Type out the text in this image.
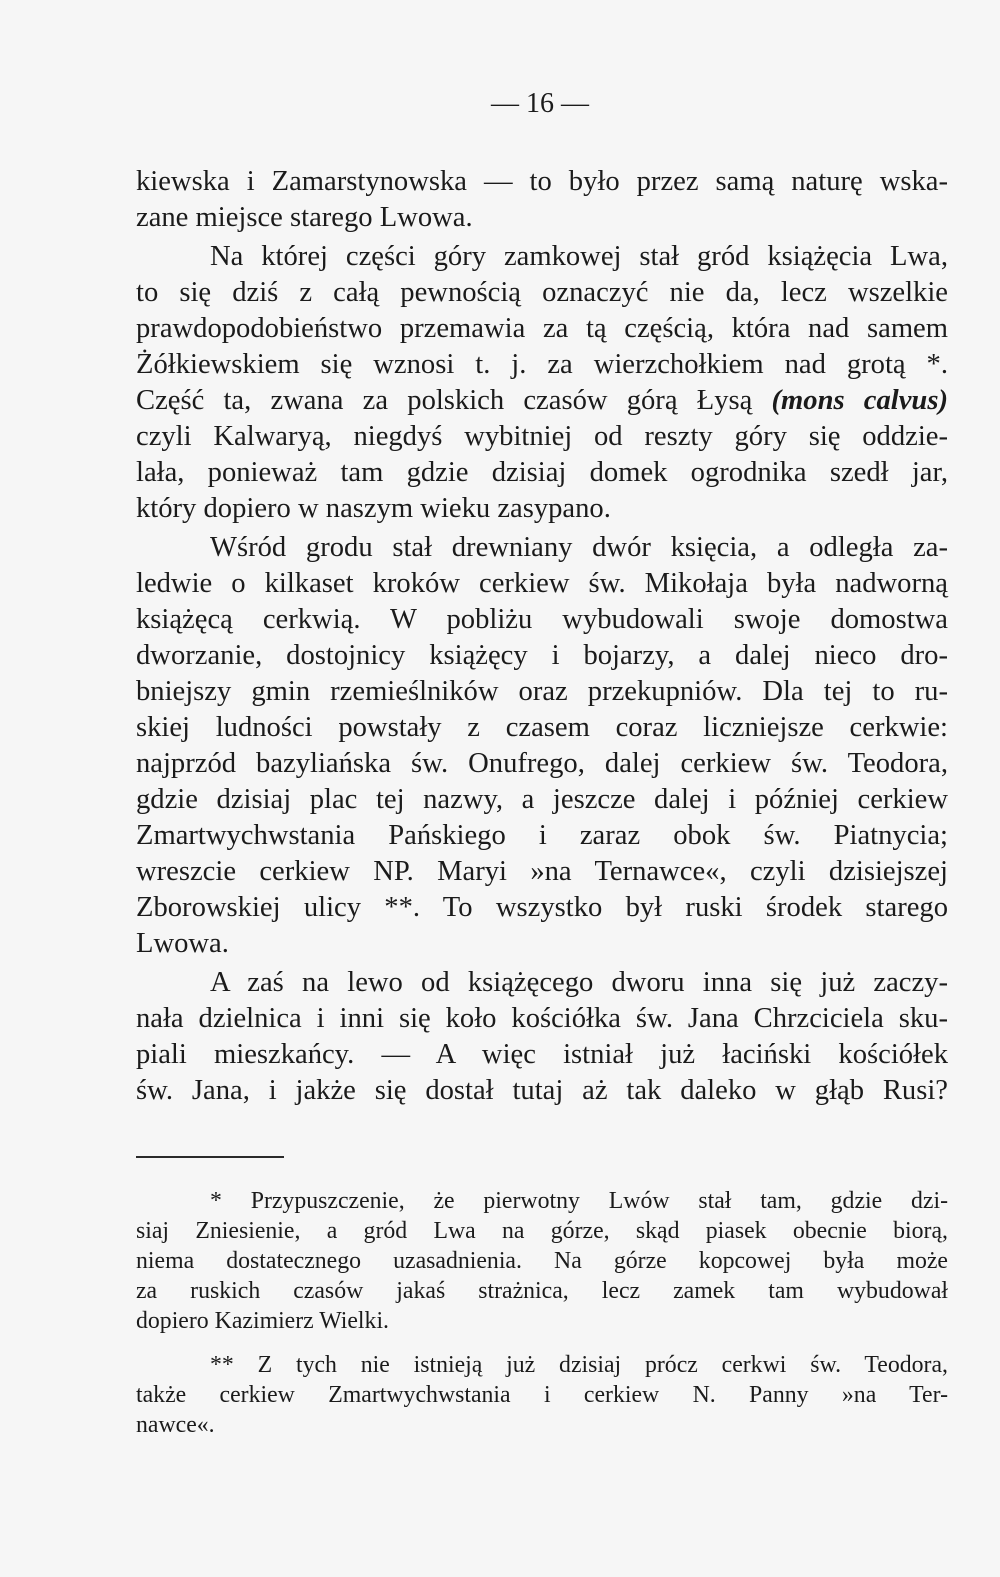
— 16 —
kiewska i Zamarstynowska — to było przez samą naturę wska-
zane miejsce starego Lwowa.
Na której części góry zamkowej stał gród książęcia Lwa,
to się dziś z całą pewnością oznaczyć nie da, lecz wszelkie
prawdopodobieństwo przemawia za tą częścią, która nad samem
Żółkiewskiem się wznosi t. j. za wierzchołkiem nad grotą *.
Część ta, zwana za polskich czasów górą Łysą (mons calvus)
czyli Kalwaryą, niegdyś wybitniej od reszty góry się oddzie-
lała, ponieważ tam gdzie dzisiaj domek ogrodnika szedł jar,
który dopiero w naszym wieku zasypano.
Wśród grodu stał drewniany dwór księcia, a odległa za-
ledwie o kilkaset kroków cerkiew św. Mikołaja była nadworną
książęcą cerkwią. W pobliżu wybudowali swoje domostwa
dworzanie, dostojnicy książęcy i bojarzy, a dalej nieco dro-
bniejszy gmin rzemieślników oraz przekupniów. Dla tej to ru-
skiej ludności powstały z czasem coraz liczniejsze cerkwie:
najprzód bazyliańska św. Onufrego, dalej cerkiew św. Teodora,
gdzie dzisiaj plac tej nazwy, a jeszcze dalej i później cerkiew
Zmartwychwstania Pańskiego i zaraz obok św. Piatnycia;
wreszcie cerkiew NP. Maryi »na Ternawce«, czyli dzisiejszej
Zborowskiej ulicy **. To wszystko był ruski środek starego
Lwowa.
A zaś na lewo od książęcego dworu inna się już zaczy-
nała dzielnica i inni się koło kościółka św. Jana Chrzciciela sku-
piali mieszkańcy. — A więc istniał już łaciński kościółek
św. Jana, i jakże się dostał tutaj aż tak daleko w głąb Rusi?
* Przypuszczenie, że pierwotny Lwów stał tam, gdzie dzi-
siaj Zniesienie, a gród Lwa na górze, skąd piasek obecnie biorą,
niema dostatecznego uzasadnienia. Na górze kopcowej była może
za ruskich czasów jakaś strażnica, lecz zamek tam wybudował
dopiero Kazimierz Wielki.
** Z tych nie istnieją już dzisiaj prócz cerkwi św. Teodora,
także cerkiew Zmartwychwstania i cerkiew N. Panny »na Ter-
nawce«.
